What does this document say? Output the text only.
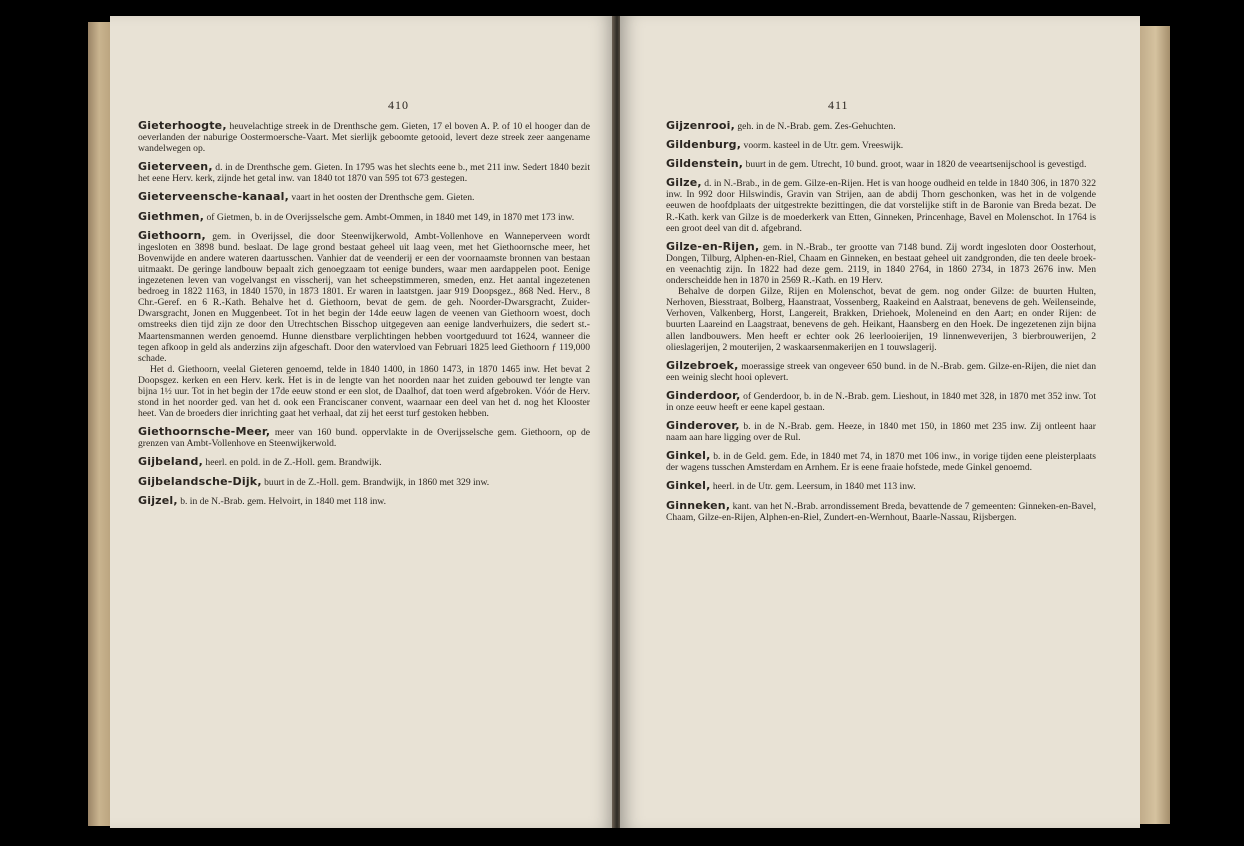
410

Gieterhoogte, heuvelachtige streek in de Drenthsche gem. Gieten, 17 el boven A. P. of 10 el hooger dan de oeverlanden der naburige Oostermoersche-Vaart. Met sierlijk geboomte getooid, levert deze streek zeer aangename wandelwegen op.

Gieterveen, d. in de Drenthsche gem. Gieten. In 1795 was het slechts eene b., met 211 inw. Sedert 1840 bezit het eene Herv. kerk, zijnde het getal inw. van 1840 tot 1870 van 595 tot 673 gestegen.

Gieterveensche-kanaal, vaart in het oosten der Drenthsche gem. Gieten.

Giethmen, of Gietmen, b. in de Overijsselsche gem. Ambt-Ommen, in 1840 met 149, in 1870 met 173 inw.

Giethoorn, gem. in Overijssel, die door Steenwijkerwold, Ambt-Vollenhove en Wanneperveen wordt ingesloten en 3898 bund. beslaat. De lage grond bestaat geheel uit laag veen, met het Giethoornsche meer, het Bovenwijde en andere wateren daartusschen. Vanhier dat de veenderij er een der voornaamste bronnen van bestaan uitmaakt. De geringe landbouw bepaalt zich genoegzaam tot eenige bunders, waar men aardappelen poot. Eenige ingezetenen leven van vogelvangst en visscherij, van het scheepstimmeren, smeden, enz. Het aantal ingezetenen bedroeg in 1822 1163, in 1840 1570, in 1873 1801. Er waren in laatstgen. jaar 919 Doopsgez., 868 Ned. Herv., 8 Chr.-Geref. en 6 R.-Kath. Behalve het d. Giethoorn, bevat de gem. de geh. Noorder-Dwarsgracht, Zuider-Dwarsgracht, Jonen en Muggenbeet. Tot in het begin der 14de eeuw lagen de veenen van Giethoorn woest, doch omstreeks dien tijd zijn ze door den Utrechtschen Bisschop uitgegeven aan eenige landverhuizers, die sedert st.-Maartensmannen werden genoemd. Hunne dienstbare verplichtingen hebben voortgeduurd tot 1624, wanneer die tegen afkoop in geld als anderzins zijn afgeschaft. Door den watervloed van Februari 1825 leed Giethoorn ƒ 119,000 schade.

Het d. Giethoorn, veelal Gieteren genoemd, telde in 1840 1400, in 1860 1473, in 1870 1465 inw. Het bevat 2 Doopsgez. kerken en een Herv. kerk. Het is in de lengte van het noorden naar het zuiden gebouwd ter lengte van bijna 1½ uur. Tot in het begin der 17de eeuw stond er een slot, de Daalhof, dat toen werd afgebroken. Vóór de Herv. stond in het noorder ged. van het d. ook een Franciscaner convent, waarnaar een deel van het d. nog het Klooster heet. Van de broeders dier inrichting gaat het verhaal, dat zij het eerst turf gestoken hebben.

Giethoornsche-Meer, meer van 160 bund. oppervlakte in de Overijsselsche gem. Giethoorn, op de grenzen van Ambt-Vollenhove en Steenwijkerwold.

Gijbeland, heerl. en pold. in de Z.-Holl. gem. Brandwijk.

Gijbelandsche-Dijk, buurt in de Z.-Holl. gem. Brandwijk, in 1860 met 329 inw.

Gijzel, b. in de N.-Brab. gem. Helvoirt, in 1840 met 118 inw.

411

Gijzenrooi, geh. in de N.-Brab. gem. Zes-Gehuchten.

Gildenburg, voorm. kasteel in de Utr. gem. Vreeswijk.

Gildenstein, buurt in de gem. Utrecht, 10 bund. groot, waar in 1820 de veeartsenijschool is gevestigd.

Gilze, d. in N.-Brab., in de gem. Gilze-en-Rijen. Het is van hooge oudheid en telde in 1840 306, in 1870 322 inw. In 992 door Hilswindis, Gravin van Strijen, aan de abdij Thorn geschonken, was het in de volgende eeuwen de hoofdplaats der uitgestrekte bezittingen, die dat vorstelijke stift in de Baronie van Breda bezat. De R.-Kath. kerk van Gilze is de moederkerk van Etten, Ginneken, Princenhage, Bavel en Molenschot. In 1764 is een groot deel van dit d. afgebrand.

Gilze-en-Rijen, gem. in N.-Brab., ter grootte van 7148 bund. Zij wordt ingesloten door Oosterhout, Dongen, Tilburg, Alphen-en-Riel, Chaam en Ginneken, en bestaat geheel uit zandgronden, die ten deele broek- en veenachtig zijn. In 1822 had deze gem. 2119, in 1840 2764, in 1860 2734, in 1873 2676 inw. Men onderscheidde hen in 1870 in 2569 R.-Kath. en 19 Herv.

Behalve de dorpen Gilze, Rijen en Molenschot, bevat de gem. nog onder Gilze: de buurten Hulten, Nerhoven, Biesstraat, Bolberg, Haanstraat, Vossenberg, Raakeind en Aalstraat, benevens de geh. Weilenseinde, Verhoven, Valkenberg, Horst, Langereit, Brakken, Driehoek, Moleneind en den Aart; en onder Rijen: de buurten Laareind en Laagstraat, benevens de geh. Heikant, Haansberg en den Hoek. De ingezetenen zijn bijna allen landbouwers. Men heeft er echter ook 26 leerlooierijen, 19 linnenweverijen, 3 bierbrouwerijen, 2 olieslagerijen, 2 mouterijen, 2 waskaarsenmakerijen en 1 touwslagerij.

Gilzebroek, moerassige streek van ongeveer 650 bund. in de N.-Brab. gem. Gilze-en-Rijen, die niet dan een weinig slecht hooi oplevert.

Ginderdoor, of Genderdoor, b. in de N.-Brab. gem. Lieshout, in 1840 met 328, in 1870 met 352 inw. Tot in onze eeuw heeft er eene kapel gestaan.

Ginderover, b. in de N.-Brab. gem. Heeze, in 1840 met 150, in 1860 met 235 inw. Zij ontleent haar naam aan hare ligging over de Rul.

Ginkel, b. in de Geld. gem. Ede, in 1840 met 74, in 1870 met 106 inw., in vorige tijden eene pleisterplaats der wagens tusschen Amsterdam en Arnhem. Er is eene fraaie hofstede, mede Ginkel genoemd.

Ginkel, heerl. in de Utr. gem. Leersum, in 1840 met 113 inw.

Ginneken, kant. van het N.-Brab. arrondissement Breda, bevattende de 7 gemeenten: Ginneken-en-Bavel, Chaam, Gilze-en-Rijen, Alphen-en-Riel, Zundert-en-Wernhout, Baarle-Nassau, Rijsbergen.
